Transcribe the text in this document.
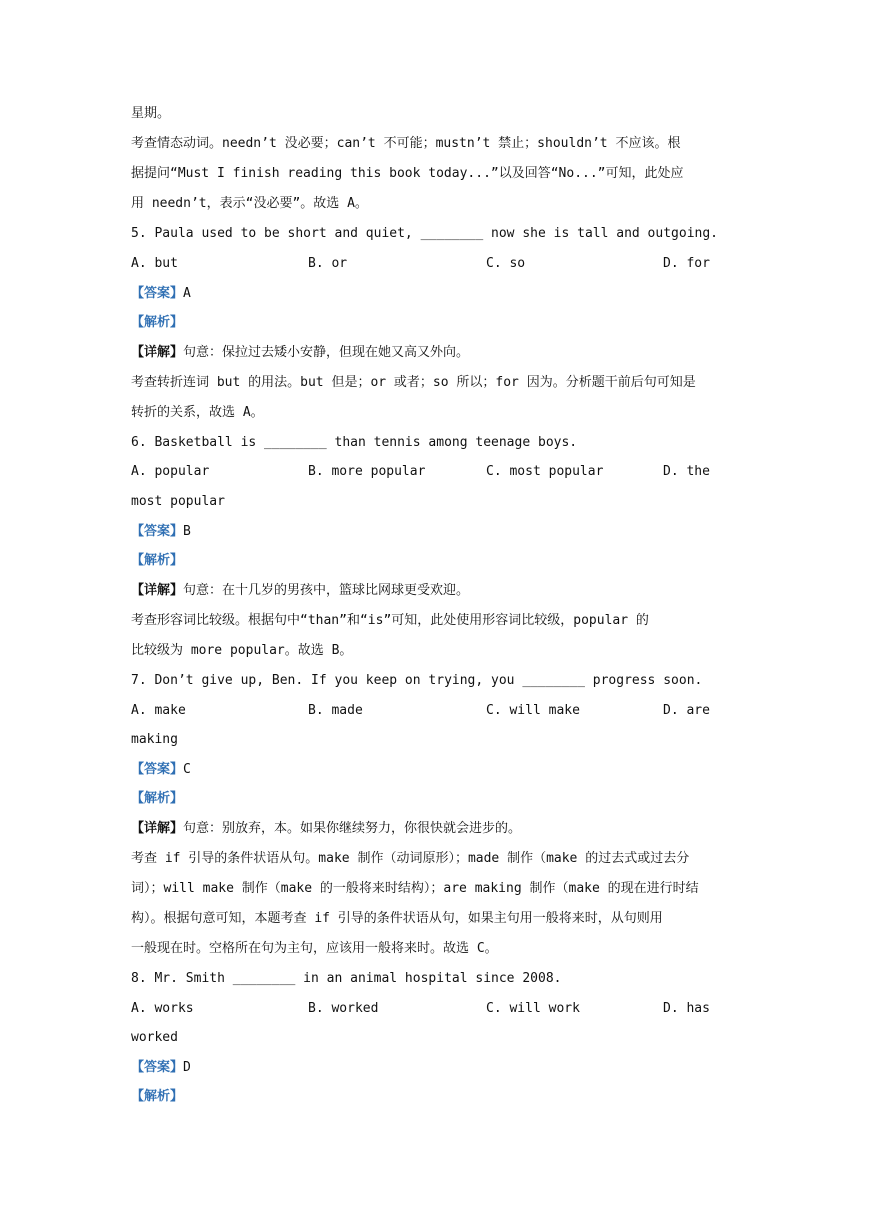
星期。
考查情态动词。needn’t 没必要；can’t 不可能；mustn’t 禁止；shouldn’t 不应该。根
据提问“Must I finish reading this book today...”以及回答“No...”可知，此处应
用 needn’t，表示“没必要”。故选 A。
5. Paula used to be short and quiet, ________ now she is tall and outgoing.
A. but	B. or	C. so	D. for
【答案】A
【解析】
【详解】句意：保拉过去矮小安静，但现在她又高又外向。
考查转折连词 but 的用法。but 但是；or 或者；so 所以；for 因为。分析题干前后句可知是
转折的关系，故选 A。
6. Basketball is ________ than tennis among teenage boys.
A. popular	B. more popular	C. most popular	D. the
most popular
【答案】B
【解析】
【详解】句意：在十几岁的男孩中，篮球比网球更受欢迎。
考查形容词比较级。根据句中“than”和“is”可知，此处使用形容词比较级，popular 的
比较级为 more popular。故选 B。
7. Don’t give up, Ben. If you keep on trying, you ________ progress soon.
A. make	B. made	C. will make	D. are
making
【答案】C
【解析】
【详解】句意：别放弃，本。如果你继续努力，你很快就会进步的。
考查 if 引导的条件状语从句。make 制作（动词原形）；made 制作（make 的过去式或过去分
词）；will make 制作（make 的一般将来时结构）；are making 制作（make 的现在进行时结
构）。根据句意可知，本题考查 if 引导的条件状语从句，如果主句用一般将来时，从句则用
一般现在时。空格所在句为主句，应该用一般将来时。故选 C。
8. Mr. Smith ________ in an animal hospital since 2008.
A. works	B. worked	C. will work	D. has
worked
【答案】D
【解析】
